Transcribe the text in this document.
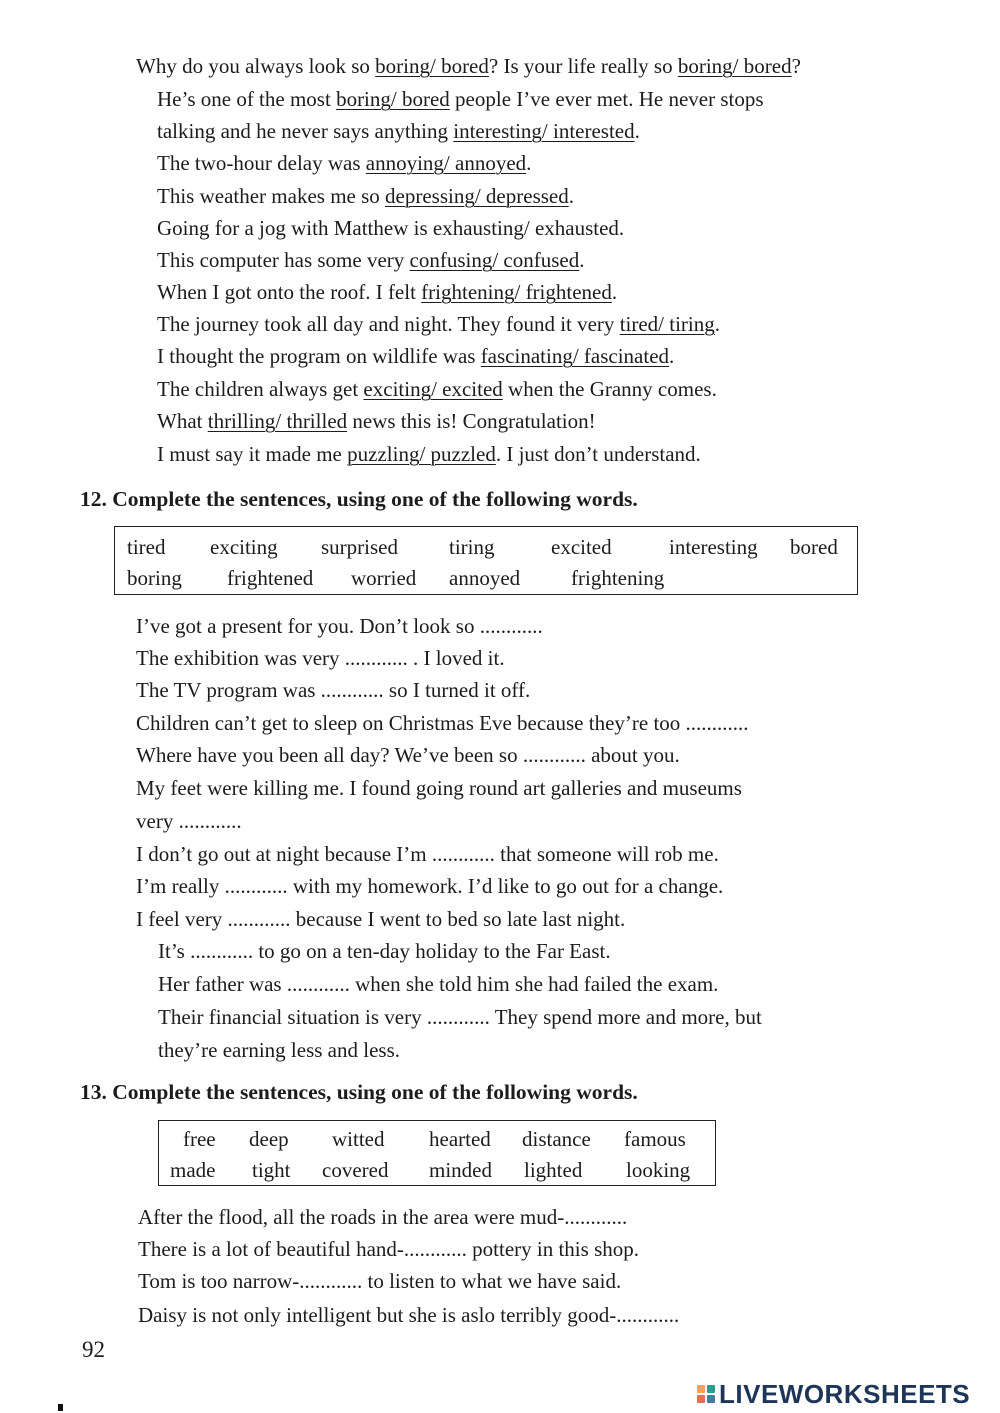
Why do you always look so boring/ bored? Is your life really so boring/ bored?
He’s one of the most boring/ bored people I’ve ever met. He never stops
talking and he never says anything interesting/ interested.
The two-hour delay was annoying/ annoyed.
This weather makes me so depressing/ depressed.
Going for a jog with Matthew is exhausting/ exhausted.
This computer has some very confusing/ confused.
When I got onto the roof. I felt frightening/ frightened.
The journey took all day and night. They found it very tired/ tiring.
I thought the program on wildlife was fascinating/ fascinated.
The children always get exciting/ excited when the Granny comes.
What thrilling/ thrilled news this is! Congratulation!
I must say it made me puzzling/ puzzled. I just don’t understand.
12. Complete the sentences, using one of the following words.
tired exciting surprised tiring	excited	interesting bored
boring frightened worried annoyed frightening
I’ve got a present for you. Don’t look so ............
The exhibition was very ............ . I loved it.
The TV program was ............ so I turned it off.
Children can’t get to sleep on Christmas Eve because they’re too ............
Where have you been all day? We’ve been so ............ about you.
My feet were killing me. I found going round art galleries and museums
very ............
I don’t go out at night because I’m ............ that someone will rob me.
I’m really ............ with my homework. I’d like to go out for a change.
I feel very ............ because I went to bed so late last night.
It’s ............ to go on a ten-day holiday to the Far East.
Her father was ............ when she told him she had failed the exam.
Their financial situation is very ............ They spend more and more, but
they’re earning less and less.
13. Complete the sentences, using one of the following words.
free deep witted hearted distance famous
made tight covered minded lighted looking
After the flood, all the roads in the area were mud-............
There is a lot of beautiful hand-............ pottery in this shop.
Tom is too narrow-............ to listen to what we have said.
Daisy is not only intelligent but she is aslo terribly good-............
92
LIVEWORKSHEETS
